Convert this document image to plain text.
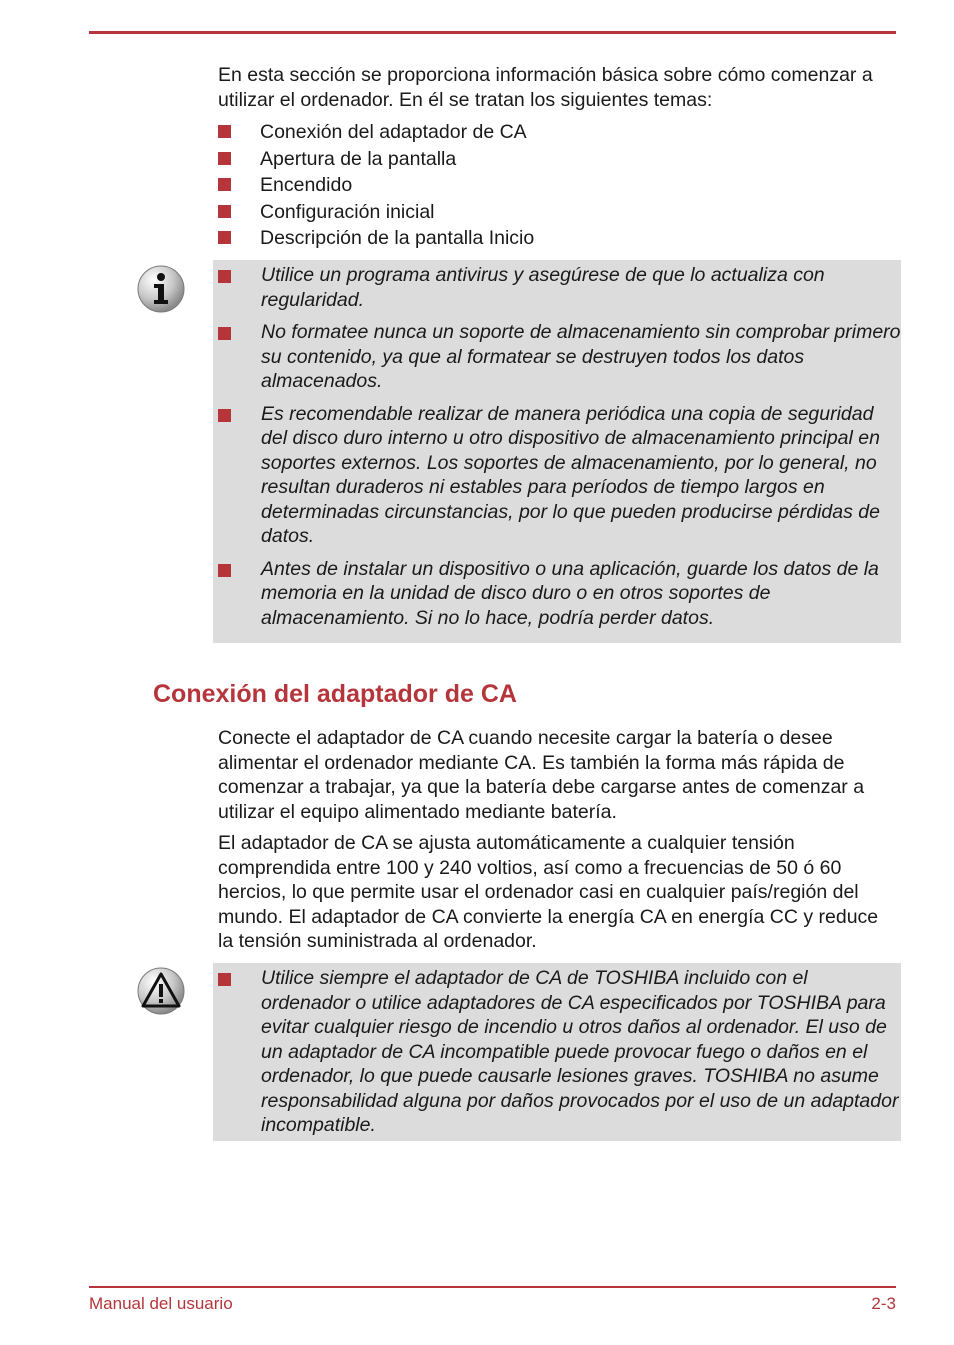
En esta sección se proporciona información básica sobre cómo comenzar a utilizar el ordenador. En él se tratan los siguientes temas:

Conexión del adaptador de CA
Apertura de la pantalla
Encendido
Configuración inicial
Descripción de la pantalla Inicio
Utilice un programa antivirus y asegúrese de que lo actualiza con regularidad.
No formatee nunca un soporte de almacenamiento sin comprobar primero su contenido, ya que al formatear se destruyen todos los datos almacenados.
Es recomendable realizar de manera periódica una copia de seguridad del disco duro interno u otro dispositivo de almacenamiento principal en soportes externos. Los soportes de almacenamiento, por lo general, no resultan duraderos ni estables para períodos de tiempo largos en determinadas circunstancias, por lo que pueden producirse pérdidas de datos.
Antes de instalar un dispositivo o una aplicación, guarde los datos de la memoria en la unidad de disco duro o en otros soportes de almacenamiento. Si no lo hace, podría perder datos.
Conexión del adaptador de CA

Conecte el adaptador de CA cuando necesite cargar la batería o desee alimentar el ordenador mediante CA. Es también la forma más rápida de comenzar a trabajar, ya que la batería debe cargarse antes de comenzar a utilizar el equipo alimentado mediante batería.

El adaptador de CA se ajusta automáticamente a cualquier tensión comprendida entre 100 y 240 voltios, así como a frecuencias de 50 ó 60 hercios, lo que permite usar el ordenador casi en cualquier país/región del mundo. El adaptador de CA convierte la energía CA en energía CC y reduce la tensión suministrada al ordenador.

Utilice siempre el adaptador de CA de TOSHIBA incluido con el ordenador o utilice adaptadores de CA especificados por TOSHIBA para evitar cualquier riesgo de incendio u otros daños al ordenador. El uso de un adaptador de CA incompatible puede provocar fuego o daños en el ordenador, lo que puede causarle lesiones graves. TOSHIBA no asume responsabilidad alguna por daños provocados por el uso de un adaptador incompatible.
Manual del usuario	2-3
